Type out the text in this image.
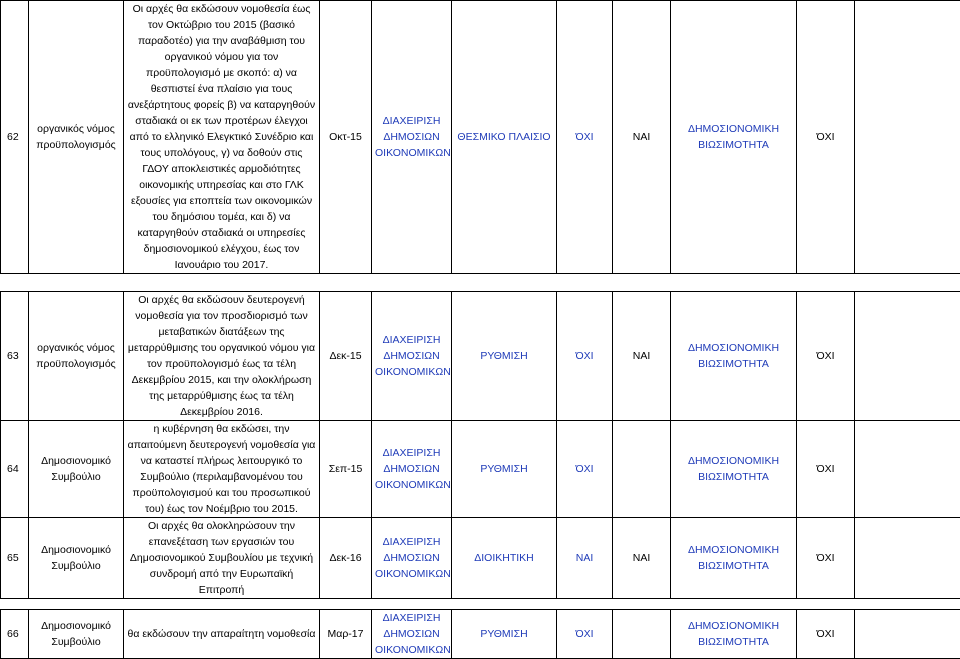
62	οργανικός νόμος προϋπολογισμός	Οι αρχές θα εκδώσουν νομοθεσία έως τον Οκτώβριο του 2015 (βασικό παραδοτέο) για την αναβάθμιση του οργανικού νόμου για τον προϋπολογισμό με σκοπό: α) να θεσπιστεί ένα πλαίσιο για τους ανεξάρτητους φορείς β) να καταργηθούν σταδιακά οι εκ των προτέρων έλεγχοι από το ελληνικό Ελεγκτικό Συνέδριο και τους υπολόγους, γ) να δοθούν στις ΓΔΟΥ αποκλειστικές αρμοδιότητες οικονομικής υπηρεσίας και στο ΓΛΚ εξουσίες για εποπτεία των οικονομικών του δημόσιου τομέα, και δ) να καταργηθούν σταδιακά οι υπηρεσίες δημοσιονομικού ελέγχου, έως τον Ιανουάριο του 2017.	Οκτ-15	ΔΙΑΧΕΙΡΙΣΗ ΔΗΜΟΣΙΩΝ ΟΙΚΟΝΟΜΙΚΩΝ	ΘΕΣΜΙΚΟ ΠΛΑΙΣΙΟ	ΌΧΙ	ΝΑΙ	ΔΗΜΟΣΙΟΝΟΜΙΚΗ ΒΙΩΣΙΜΟΤΗΤΑ	ΌΧΙ	

63	οργανικός νόμος προϋπολογισμός	Οι αρχές θα εκδώσουν δευτερογενή νομοθεσία για τον προσδιορισμό των μεταβατικών διατάξεων της μεταρρύθμισης του οργανικού νόμου για τον προϋπολογισμό έως τα τέλη Δεκεμβρίου 2015, και την ολοκλήρωση της μεταρρύθμισης έως τα τέλη Δεκεμβρίου 2016.	Δεκ-15	ΔΙΑΧΕΙΡΙΣΗ ΔΗΜΟΣΙΩΝ ΟΙΚΟΝΟΜΙΚΩΝ	ΡΥΘΜΙΣΗ	ΌΧΙ	ΝΑΙ	ΔΗΜΟΣΙΟΝΟΜΙΚΗ ΒΙΩΣΙΜΟΤΗΤΑ	ΌΧΙ	
64	Δημοσιονομικό Συμβούλιο	η κυβέρνηση θα εκδώσει, την απαιτούμενη δευτερογενή νομοθεσία για να καταστεί πλήρως λειτουργικό το Συμβούλιο (περιλαμβανομένου του προϋπολογισμού και του προσωπικού του) έως τον Νοέμβριο του 2015.	Σεπ-15	ΔΙΑΧΕΙΡΙΣΗ ΔΗΜΟΣΙΩΝ ΟΙΚΟΝΟΜΙΚΩΝ	ΡΥΘΜΙΣΗ	ΌΧΙ		ΔΗΜΟΣΙΟΝΟΜΙΚΗ ΒΙΩΣΙΜΟΤΗΤΑ	ΌΧΙ	
65	Δημοσιονομικό Συμβούλιο	Οι αρχές θα ολοκληρώσουν την επανεξέταση των εργασιών του Δημοσιονομικού Συμβουλίου με τεχνική συνδρομή από την Ευρωπαϊκή Επιτροπή	Δεκ-16	ΔΙΑΧΕΙΡΙΣΗ ΔΗΜΟΣΙΩΝ ΟΙΚΟΝΟΜΙΚΩΝ	ΔΙΟΙΚΗΤΙΚΗ	ΝΑΙ	ΝΑΙ	ΔΗΜΟΣΙΟΝΟΜΙΚΗ ΒΙΩΣΙΜΟΤΗΤΑ	ΌΧΙ	

66	Δημοσιονομικό Συμβούλιο	θα εκδώσουν την απαραίτητη νομοθεσία	Μαρ-17	ΔΙΑΧΕΙΡΙΣΗ ΔΗΜΟΣΙΩΝ ΟΙΚΟΝΟΜΙΚΩΝ	ΡΥΘΜΙΣΗ	ΌΧΙ		ΔΗΜΟΣΙΟΝΟΜΙΚΗ ΒΙΩΣΙΜΟΤΗΤΑ	ΌΧΙ	
